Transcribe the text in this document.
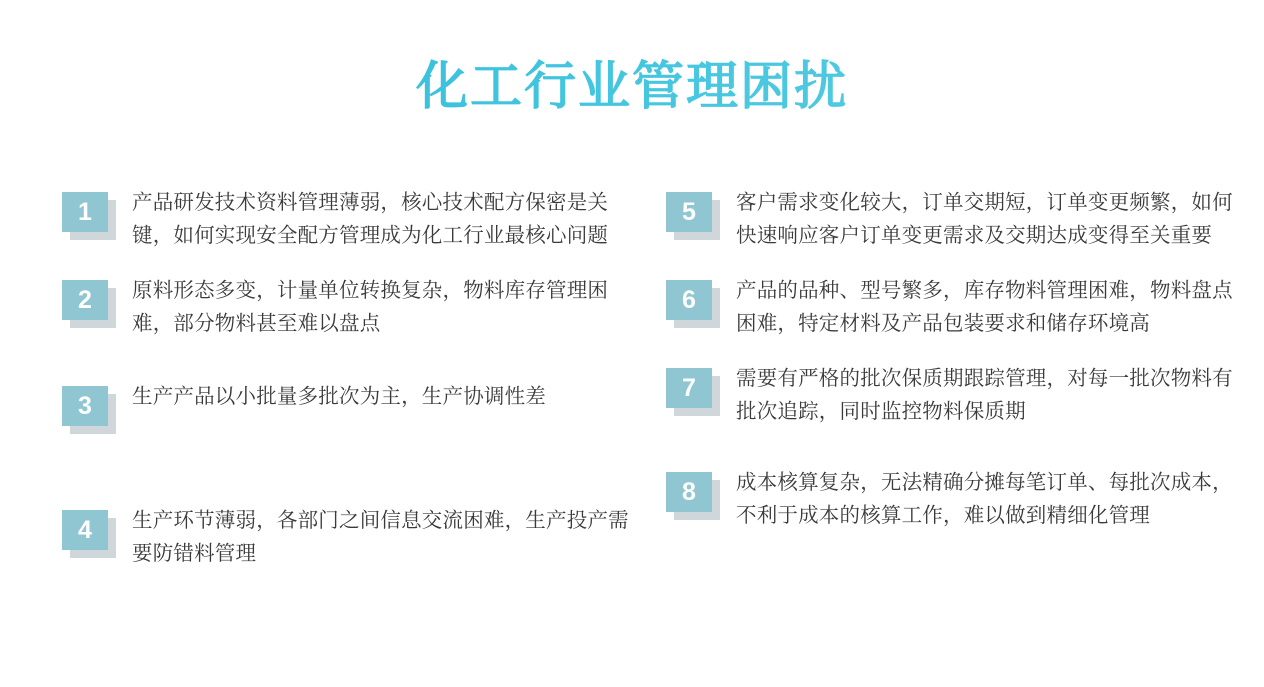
化工行业管理困扰
1	产品研发技术资料管理薄弱，核心技术配方保密是关键，如何实现安全配方管理成为化工行业最核心问题
2	原料形态多变，计量单位转换复杂，物料库存管理困难，部分物料甚至难以盘点
3	生产产品以小批量多批次为主，生产协调性差
4	生产环节薄弱，各部门之间信息交流困难，生产投产需要防错料管理
5	客户需求变化较大，订单交期短，订单变更频繁，如何快速响应客户订单变更需求及交期达成变得至关重要
6	产品的品种、型号繁多，库存物料管理困难，物料盘点困难，特定材料及产品包装要求和储存环境高
7	需要有严格的批次保质期跟踪管理，对每一批次物料有批次追踪，同时监控物料保质期
8	成本核算复杂，无法精确分摊每笔订单、每批次成本，不利于成本的核算工作，难以做到精细化管理
